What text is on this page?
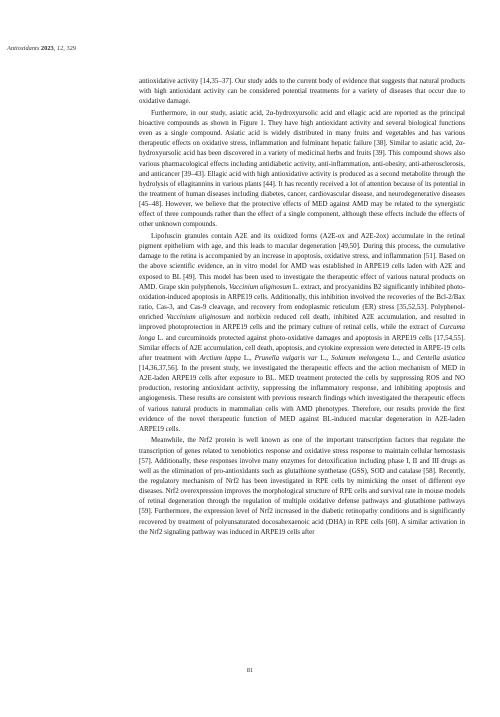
Antioxidants 2023, 12, 329

antioxidative activity [14,35–37]. Our study adds to the current body of evidence that suggests that natural products with high antioxidant activity can be considered potential treatments for a variety of diseases that occur due to oxidative damage.

Furthermore, in our study, asiatic acid, 2α-hydroxyursolic acid and ellagic acid are reported as the principal bioactive compounds as shown in Figure 1. They have high antioxidant activity and several biological functions even as a single compound. Asiatic acid is widely distributed in many fruits and vegetables and has various therapeutic effects on oxidative stress, inflammation and fulminant hepatic failure [38]. Similar to asiatic acid, 2α-hydroxyursolic acid has been discovered in a variety of medicinal herbs and fruits [39]. This compound shows also various pharmacological effects including antidiabetic activity, anti-inflammation, anti-obesity, anti-atherosclerosis, and anticancer [39–43]. Ellagic acid with high antioxidative activity is produced as a second metabolite through the hydrolysis of ellagitannins in various plants [44]. It has recently received a lot of attention because of its potential in the treatment of human diseases including diabetes, cancer, cardiovascular disease, and neurodegenerative diseases [45–48]. However, we believe that the protective effects of MED against AMD may be related to the synergistic effect of three compounds rather than the effect of a single component, although these effects include the effects of other unknown compounds.

Lipofuscin granules contain A2E and its oxidized forms (A2E-ox and A2E-2ox) accumulate in the retinal pigment epithelium with age, and this leads to macular degeneration [49,50]. During this process, the cumulative damage to the retina is accompanied by an increase in apoptosis, oxidative stress, and inflammation [51]. Based on the above scientific evidence, an in vitro model for AMD was established in ARPE19 cells laden with A2E and exposed to BL [49]. This model has been used to investigate the therapeutic effect of various natural products on AMD. Grape skin polyphenols, Vaccinium uliginosum L. extract, and procyanidins B2 significantly inhibited photo-oxidation-induced apoptosis in ARPE19 cells. Additionally, this inhibition involved the recoveries of the Bcl-2/Bax ratio, Cas-3, and Cas-9 cleavage, and recovery from endoplasmic reticulum (ER) stress [35,52,53]. Polyphenol-enriched Vaccinium uliginosum and norbixin reduced cell death, inhibited A2E accumulation, and resulted in improved photoprotection in ARPE19 cells and the primary culture of retinal cells, while the extract of Curcuma longa L. and curcuminoids protected against photo-oxidative damages and apoptosis in ARPE19 cells [17,54,55]. Similar effects of A2E accumulation, cell death, apoptosis, and cytokine expression were detected in ARPE-19 cells after treatment with Arctium lappa L., Prunella vulgaris var L., Solanum melongena L., and Centella asiatica [14,36,37,56]. In the present study, we investigated the therapeutic effects and the action mechanism of MED in A2E-laden ARPE19 cells after exposure to BL. MED treatment protected the cells by suppressing ROS and NO production, restoring antioxidant activity, suppressing the inflammatory response, and inhibiting apoptosis and angiogenesis. These results are consistent with previous research findings which investigated the therapeutic effects of various natural products in mammalian cells with AMD phenotypes. Therefore, our results provide the first evidence of the novel therapeutic function of MED against BL-induced macular degeneration in A2E-laden ARPE19 cells.

Meanwhile, the Nrf2 protein is well known as one of the important transcription factors that regulate the transcription of genes related to xenobiotics response and oxidative stress response to maintain cellular hemostasis [57]. Additionally, these responses involve many enzymes for detoxification including phase I, II and III drugs as well as the elimination of pro-antioxidants such as glutathione synthetase (GSS), SOD and catalase [58]. Recently, the regulatory mechanism of Nrf2 has been investigated in RPE cells by mimicking the onset of different eye diseases. Nrf2 overexpression improves the morphological structure of RPE cells and survival rate in mouse models of retinal degeneration through the regulation of multiple oxidative defense pathways and glutathione pathways [59]. Furthermore, the expression level of Nrf2 increased in the diabetic retinopathy conditions and is significantly recovered by treatment of polyunsaturated docosahexaenoic acid (DHA) in RPE cells [60]. A similar activation in the Nrf2 signaling pathway was induced in ARPE19 cells after

81
